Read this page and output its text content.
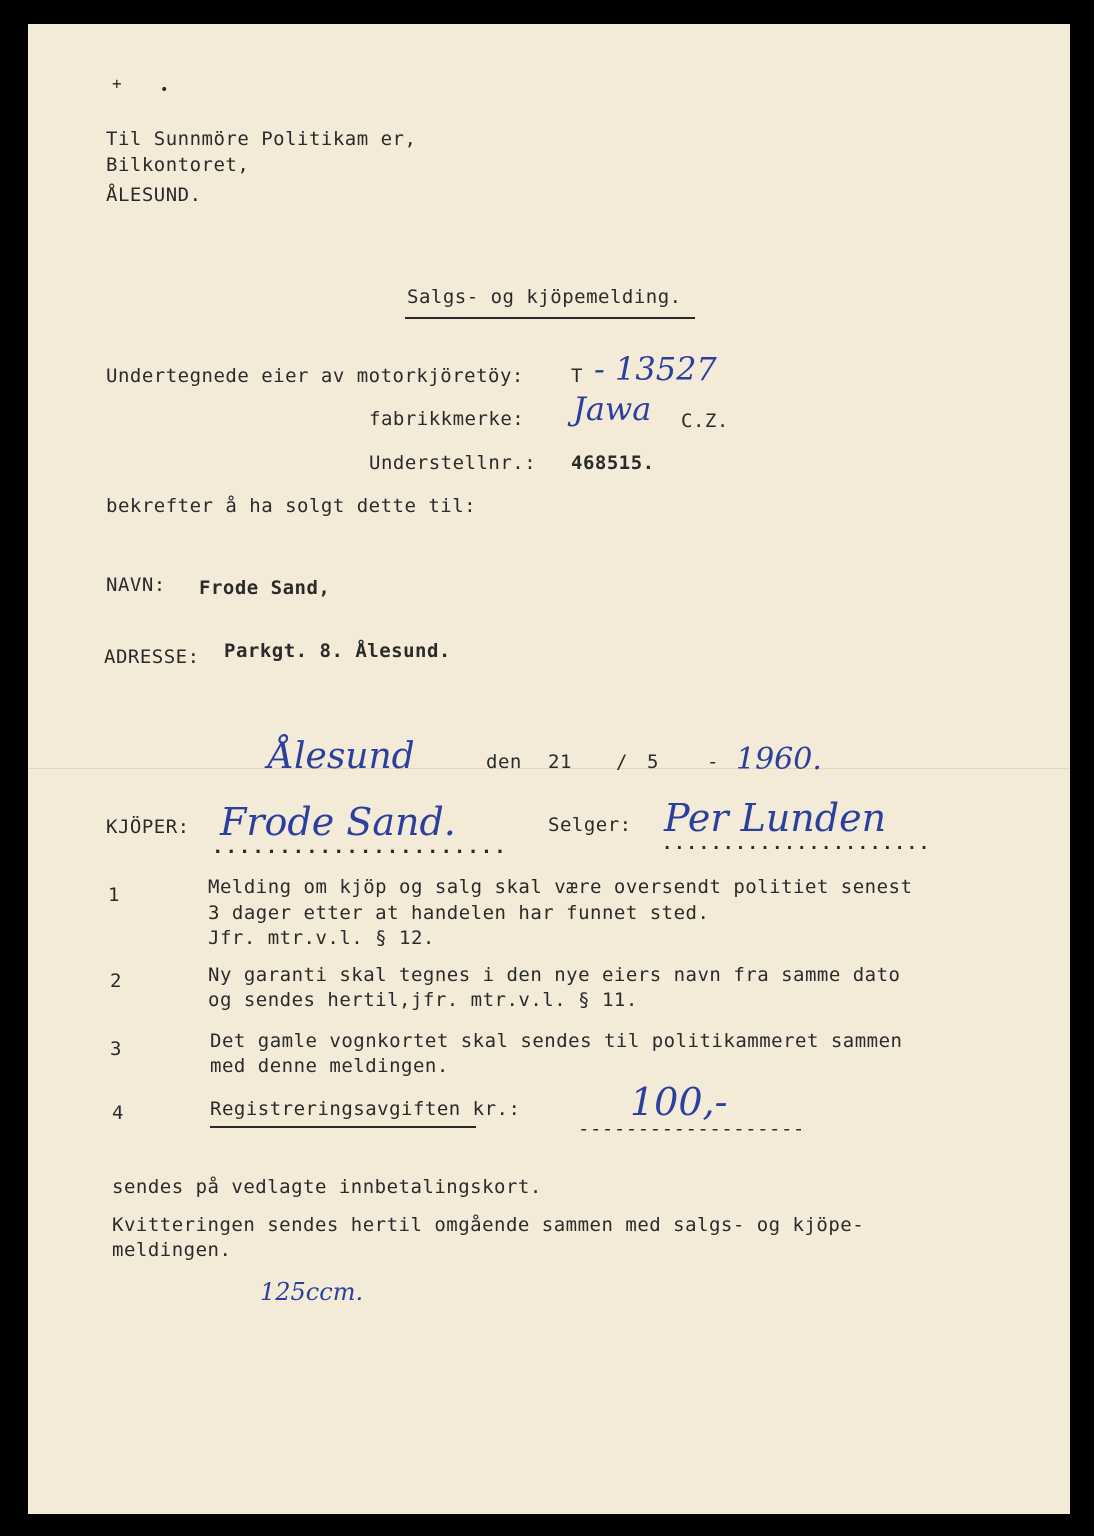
+	•
Til Sunnmöre Politikam er,
Bilkontoret,
ÅLESUND.
Salgs- og kjöpemelding.
Undertegnede eier av motorkjöretöy: T - 13527
fabrikkmerke: Jawa C.Z.
Understellnr.: 468515.
bekrefter å ha solgt dette til:
NAVN: Frode Sand,
ADRESSE: Parkgt. 8. Ålesund.
Ålesund	den 21 / 5	- 1960.
KJÖPER: Frode Sand.
......................
Selger: Per Lunden
......................
1	Melding om kjöp og salg skal være oversendt politiet senest
3 dager etter at handelen har funnet sted.
Jfr. mtr.v.l. § 12.
2	Ny garanti skal tegnes i den nye eiers navn fra samme dato
og sendes hertil,jfr. mtr.v.l. § 11.
3	Det gamle vognkortet skal sendes til politikammeret sammen
med denne meldingen.
4	Registreringsavgiften kr.:	100,-
-------------------
sendes på vedlagte innbetalingskort.
Kvitteringen sendes hertil omgående sammen med salgs- og kjöpe-
meldingen.
125ccm.
